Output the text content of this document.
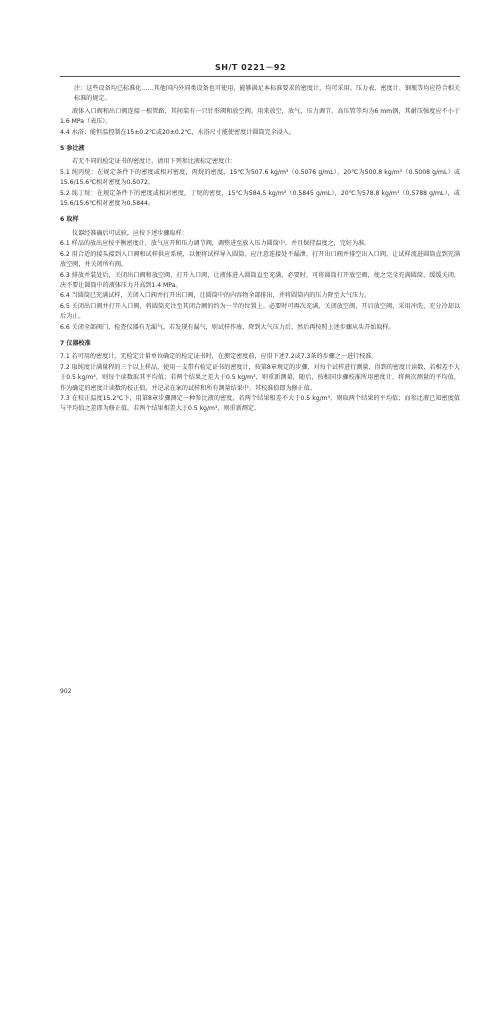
SH/T 0221－92

注：这些设备均已标准化……其他国内外同类设备也可使用，能够满足本标准要求的密度计，均可采用。压力表、密度计、钢瓶等均应符合相关标准的规定。

液体入口阀和出口阀连接一根管路，其间装有一只针形阀和放空阀，用来放空，放气、压力调节、高压管等均为6 mm钢，其耐压强度应不小于1.6 MPa（表压）。

4.4 水浴：能恒温控制在15±0.2℃或20±0.2℃，水浴尺寸能使密度计圆筒完全浸入。

5 参比液

若无不同的检定证书的密度计，请用下列参比液标定密度计：

5.1 纯丙烷：在规定条件下的密度或相对密度，丙烷的密度，15℃为507.6 kg/m³（0.5076 g/mL），20℃为500.8 kg/m³（0.5008 g/mL）或15.6/15.6℃相对密度为0.5072。

5.2 纯丁烷：在规定条件下的密度或相对密度，丁烷的密度，15℃为584.5 kg/m³（0.5845 g/mL），20℃为578.8 kg/m³（0.5788 g/mL），或15.6/15.6℃相对密度为0.5844。

6 取样

仪器经准确后可试验，应按下述步骤取样：

6.1 样品的放出应按平衡密度计，放气应开和压力调节阀，调整进至放入压力圆筒中，并且保持温度之，完好为准。

6.2 用合适的接头接到入口阀和试样供应系统，以便将试样导入圆筒，应注意连接处不漏泄，打开出口阀并排空出入口阀，让试样流进圆筒直到充满放空阀，并关闭所有阀。

6.3 排放并装处后，关闭出口阀和放空阀，打开入口阀，让液体进入圆筒直至充满，必要时，可将圆筒打开放空阀，使之完全充满圆筒，缓缓关闭，决不要让圆筒中的液体压力升高到1.4 MPa。

6.4 当圆筒已充满试样，关闭入口阀并打开出口阀，让圆筒中的内容物全部排出，并将圆筒内的压力降至大气压力。

6.5 关闭出口阀并打开入口阀，将圆筒充注至其闭合额的约为一半的位置上。必要时可再次充满，关闭放空阀，开启放空阀，采用冲洗，充分冷却以后为止。

6.6 关闭全部阀门，检查仪器有无漏气，若发现有漏气，则试样作废，降到大气压力后，然后再按照上述步骤从头开始取样。

7 仪器校准

7.1 若可用的密度计，无检定计量单位确定的检定证书时，在测定密度前，应用下述7.2或7.3条的步骤之一进行校准。

7.2 取纯度计满量程的三个以上样品，使用一支带有检定证书的密度计，按第8章规定的步骤，对每个试样进行测量，得到的密度计读数，若相差不大于0.5 kg/m³，则每个读数取其平均值；若两个结果之差大于0.5 kg/m³，则重新测量，随后，按相同步骤校准所用密度计，将两次测量的平均值，作为确定的密度计读数的校正值，并记录在案的试样和所有测量结果中，其校准值即为修正值。

7.3 在校正温度15.2℃下，用第8章步骤测定一种参比液的密度，若两个结果相差不大于0.5 kg/m³，则取两个结果的平均值；而参比液已知密度值与平均值之差即为修正值，若两个结果相差大于0.5 kg/m³，则重新测定。

902
